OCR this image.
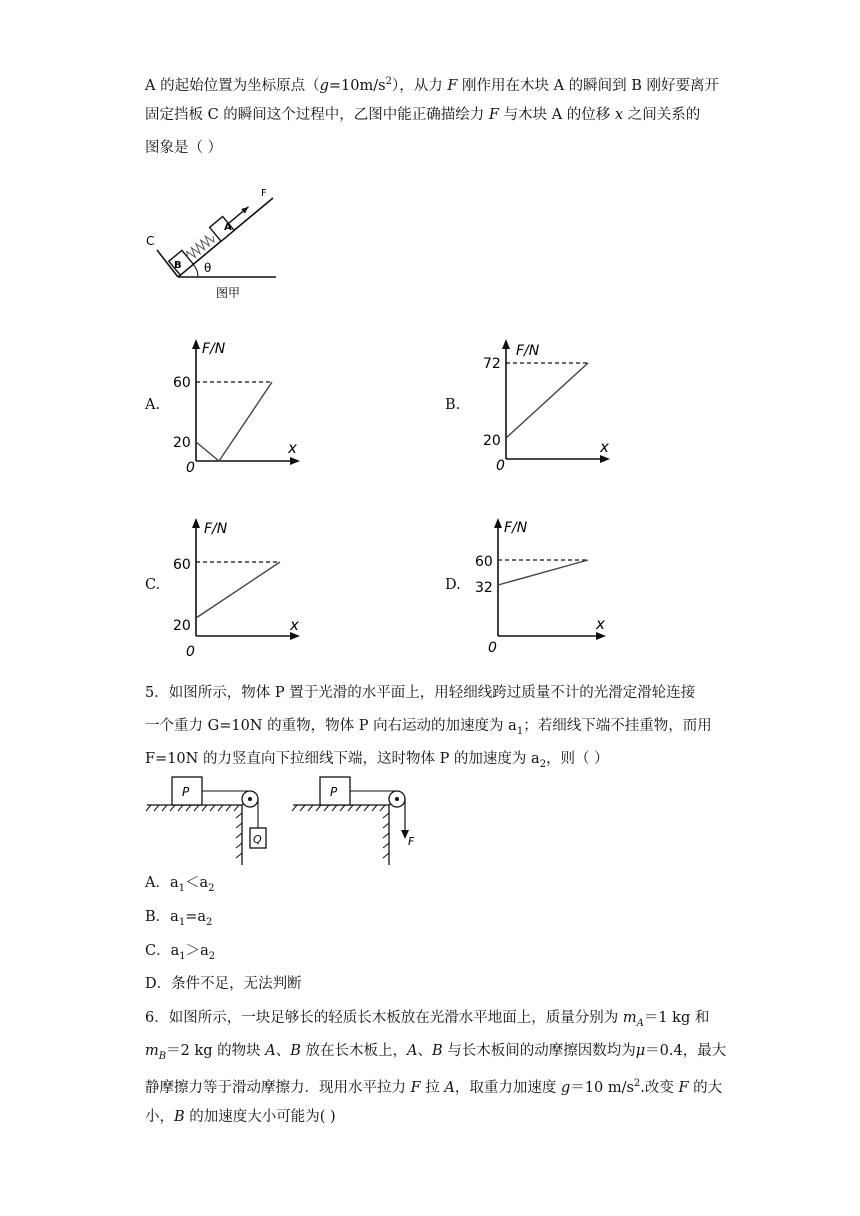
A 的起始位置为坐标原点$(g=10m/s^2)$，从力 F 刚作用在木块 A 的瞬间到 B 刚好要离开
固定挡板 C 的瞬间这个过程中，乙图中能正确描绘力 F 与木块 A 的位移 x 之间关系的
图象是（ ）
C
B
A
F
θ
图甲
A.
F/N
x
0
60
20
B.
F/N
x
0
72
20
C.
F/N
x
0
60
20
D.
F/N
x
0
60
32
5．如图所示，物体 P 置于光滑的水平面上，用轻细线跨过质量不计的光滑定滑轮连接
一个重力 G=10N 的重物，物体 P 向右运动的加速度为 $a_1$；若细线下端不挂重物，而用
F=10N 的力竖直向下拉细线下端，这时物体 P 的加速度为 $a_2$，则（ ）
P
Q
P
F
A．$a_1<a_2$
B．$a_1=a_2$
C．$a_1>a_2$
D．条件不足，无法判断
6．如图所示，一块足够长的轻质长木板放在光滑水平地面上，质量分别为 $m_A=1$ kg 和
$m_B=2$ kg 的物块 A、B 放在长木板上，A、B 与长木板间的动摩擦因数均为μ＝0.4，最大
静摩擦力等于滑动摩擦力．现用水平拉力 F 拉 A，取重力加速度 g＝10 $m/s^2$.改变 F 的大
小，B 的加速度大小可能为( )
